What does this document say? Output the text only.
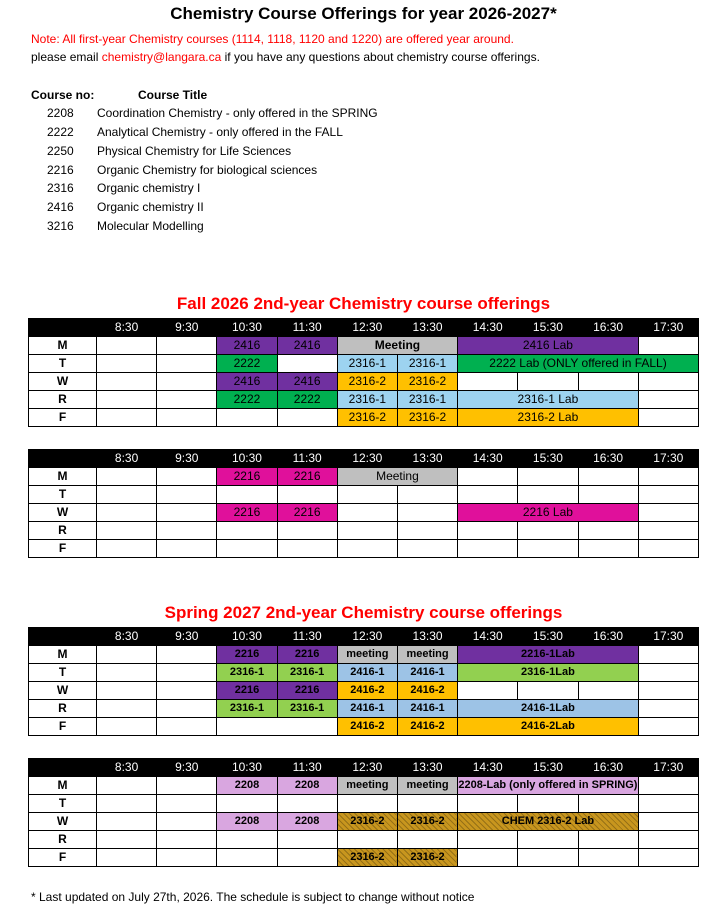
Chemistry Course Offerings for year 2026-2027*
Note: All first-year Chemistry courses (1114, 1118, 1120 and 1220) are offered year around.
please email chemistry@langara.ca if you have any questions about chemistry course offerings.
Course no:	Course Title
2208 Coordination Chemistry - only offered in the SPRING
2222 Analytical Chemistry - only offered in the FALL
2250 Physical Chemistry for Life Sciences
2216 Organic Chemistry for biological sciences
2316 Organic chemistry I
2416 Organic chemistry II
3216 Molecular Modelling
Fall 2026 2nd-year Chemistry course offerings
Spring 2027 2nd-year Chemistry course offerings
	8:30	9:30	10:30	11:30	12:30	13:30	14:30	15:30	16:30	17:30
M			2416	2416	Meeting		2416 Lab			
T			2222		2316-1	2316-1	2222 Lab (ONLY offered in FALL)			
W			2416	2416	2316-2	2316-2				
R			2222	2222	2316-1	2316-1	2316-1 Lab			
F					2316-2	2316-2	2316-2 Lab			
	8:30	9:30	10:30	11:30	12:30	13:30	14:30	15:30	16:30	17:30
M			2216	2216	Meeting					
T										
W			2216	2216			2216 Lab			
R										
F										
	8:30	9:30	10:30	11:30	12:30	13:30	14:30	15:30	16:30	17:30
M			2216	2216	meeting	meeting	2216-1Lab			
T			2316-1	2316-1	2416-1	2416-1	2316-1Lab			
W			2216	2216	2416-2	2416-2				
R			2316-1	2316-1	2416-1	2416-1	2416-1Lab			
F					2416-2	2416-2	2416-2Lab			
	8:30	9:30	10:30	11:30	12:30	13:30	14:30	15:30	16:30	17:30
M			2208	2208	meeting	meeting	2208-Lab (only offered in SPRING)			
T										
W			2208	2208	2316-2	2316-2	CHEM 2316-2 Lab			
R										
F					2316-2	2316-2				
* Last updated on July 27th, 2026. The schedule is subject to change without notice
